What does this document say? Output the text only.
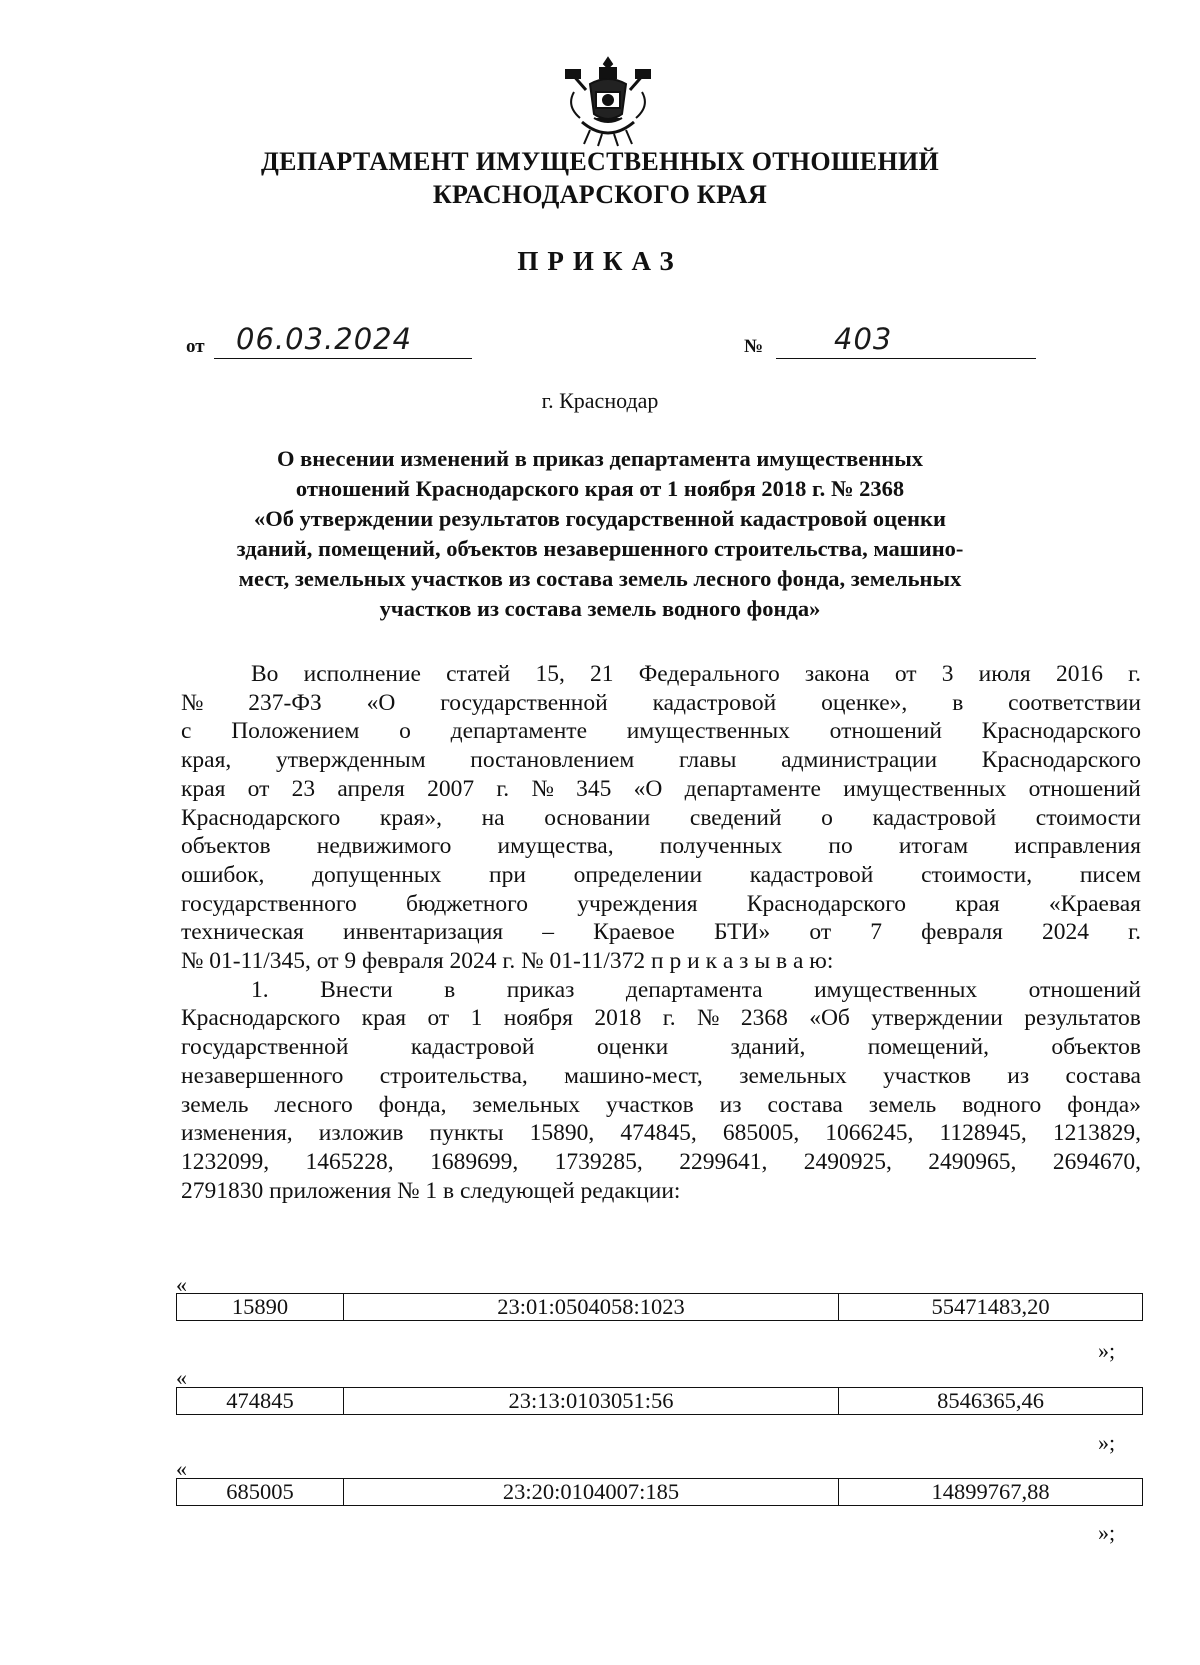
ДЕПАРТАМЕНТ ИМУЩЕСТВЕННЫХ ОТНОШЕНИЙ
КРАСНОДАРСКОГО КРАЯ
ПРИКАЗ
от 06.03.2024	№ 403
г. Краснодар
О внесении изменений в приказ департамента имущественных
отношений Краснодарского края от 1 ноября 2018 г. № 2368
«Об утверждении результатов государственной кадастровой оценки
зданий, помещений, объектов незавершенного строительства, машино-
мест, земельных участков из состава земель лесного фонда, земельных
участков из состава земель водного фонда»
Во исполнение статей 15, 21 Федерального закона от 3 июля 2016 г.
№ 237-ФЗ «О государственной кадастровой оценке», в соответствии
с Положением о департаменте имущественных отношений Краснодарского
края, утвержденным постановлением главы администрации Краснодарского
края от 23 апреля 2007 г. № 345 «О департаменте имущественных отношений
Краснодарского края», на основании сведений о кадастровой стоимости
объектов недвижимого имущества, полученных по итогам исправления
ошибок, допущенных при определении кадастровой стоимости, писем
государственного бюджетного учреждения Краснодарского края «Краевая
техническая инвентаризация – Краевое БТИ» от 7 февраля 2024 г.
№ 01-11/345, от 9 февраля 2024 г. № 01-11/372 п р и к а з ы в а ю:
1. Внести в приказ департамента имущественных отношений
Краснодарского края от 1 ноября 2018 г. № 2368 «Об утверждении результатов
государственной	кадастровой	оценки	зданий,	помещений,	объектов
незавершенного строительства, машино-мест, земельных участков из состава
земель лесного фонда, земельных участков из состава земель водного фонда»
изменения, изложив пункты 15890, 474845, 685005, 1066245, 1128945, 1213829,
1232099, 1465228, 1689699, 1739285, 2299641, 2490925, 2490965, 2694670,
2791830 приложения № 1 в следующей редакции:
«
15890	23:01:0504058:1023	55471483,20
»;
«
474845	23:13:0103051:56	8546365,46
»;
«
685005	23:20:0104007:185	14899767,88
»;
